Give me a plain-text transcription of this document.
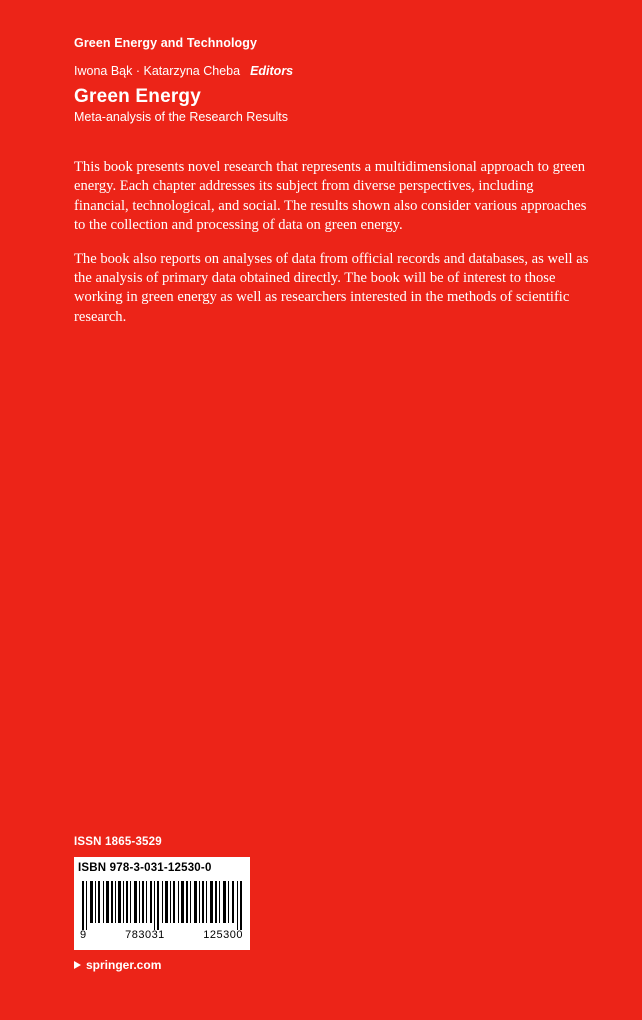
Green Energy and Technology
Iwona Bąk · Katarzyna Cheba Editors
Green Energy
Meta-analysis of the Research Results

This book presents novel research that represents a multidimensional approach to green energy. Each chapter addresses its subject from diverse perspectives, including financial, technological, and social. The results shown also consider various approaches to the collection and processing of data on green energy.

The book also reports on analyses of data from official records and databases, as well as the analysis of primary data obtained directly. The book will be of interest to those working in green energy as well as researchers interested in the methods of scientific research.

ISSN 1865-3529
ISBN 978-3-031-12530-0
9	783031	125300
springer.com
